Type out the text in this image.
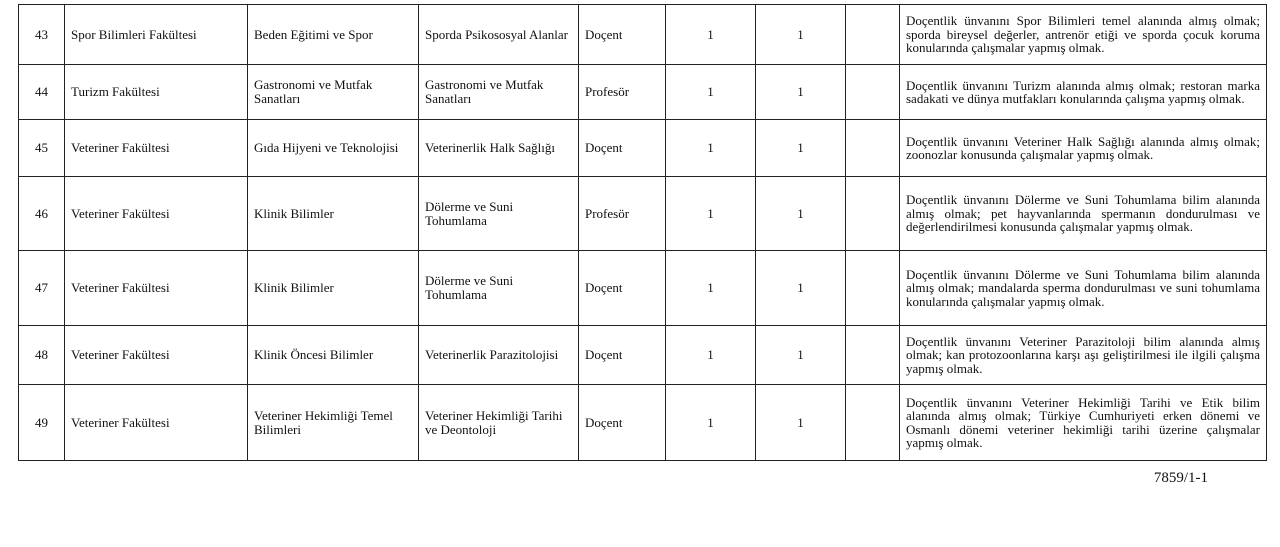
43	Spor Bilimleri Fakültesi	Beden Eğitimi ve Spor	Sporda Psikososyal Alanlar	Doçent	1	1		Doçentlik ünvanını Spor Bilimleri temel alanında almış olmak; sporda bireysel değerler, antrenör etiği ve sporda çocuk koruma konularında çalışmalar yapmış olmak.
44	Turizm Fakültesi	Gastronomi ve Mutfak Sanatları	Gastronomi ve Mutfak Sanatları	Profesör	1	1		Doçentlik ünvanını Turizm alanında almış olmak; restoran marka sadakati ve dünya mutfakları konularında çalışma yapmış olmak.
45	Veteriner Fakültesi	Gıda Hijyeni ve Teknolojisi	Veterinerlik Halk Sağlığı	Doçent	1	1		Doçentlik ünvanını Veteriner Halk Sağlığı alanında almış olmak; zoonozlar konusunda çalışmalar yapmış olmak.
46	Veteriner Fakültesi	Klinik Bilimler	Dölerme ve Suni Tohumlama	Profesör	1	1		Doçentlik ünvanını Dölerme ve Suni Tohumlama bilim alanında almış olmak; pet hayvanlarında spermanın dondurulması ve değerlendirilmesi konusunda çalışmalar yapmış olmak.
47	Veteriner Fakültesi	Klinik Bilimler	Dölerme ve Suni Tohumlama	Doçent	1	1		Doçentlik ünvanını Dölerme ve Suni Tohumlama bilim alanında almış olmak; mandalarda sperma dondurulması ve suni tohumlama konularında çalışmalar yapmış olmak.
48	Veteriner Fakültesi	Klinik Öncesi Bilimler	Veterinerlik Parazitolojisi	Doçent	1	1		Doçentlik ünvanını Veteriner Parazitoloji bilim alanında almış olmak; kan protozoonlarına karşı aşı geliştirilmesi ile ilgili çalışma yapmış olmak.
49	Veteriner Fakültesi	Veteriner Hekimliği Temel Bilimleri	Veteriner Hekimliği Tarihi ve Deontoloji	Doçent	1	1		Doçentlik ünvanını Veteriner Hekimliği Tarihi ve Etik bilim alanında almış olmak; Türkiye Cumhuriyeti erken dönemi ve Osmanlı dönemi veteriner hekimliği tarihi üzerine çalışmalar yapmış olmak.
7859/1-1
